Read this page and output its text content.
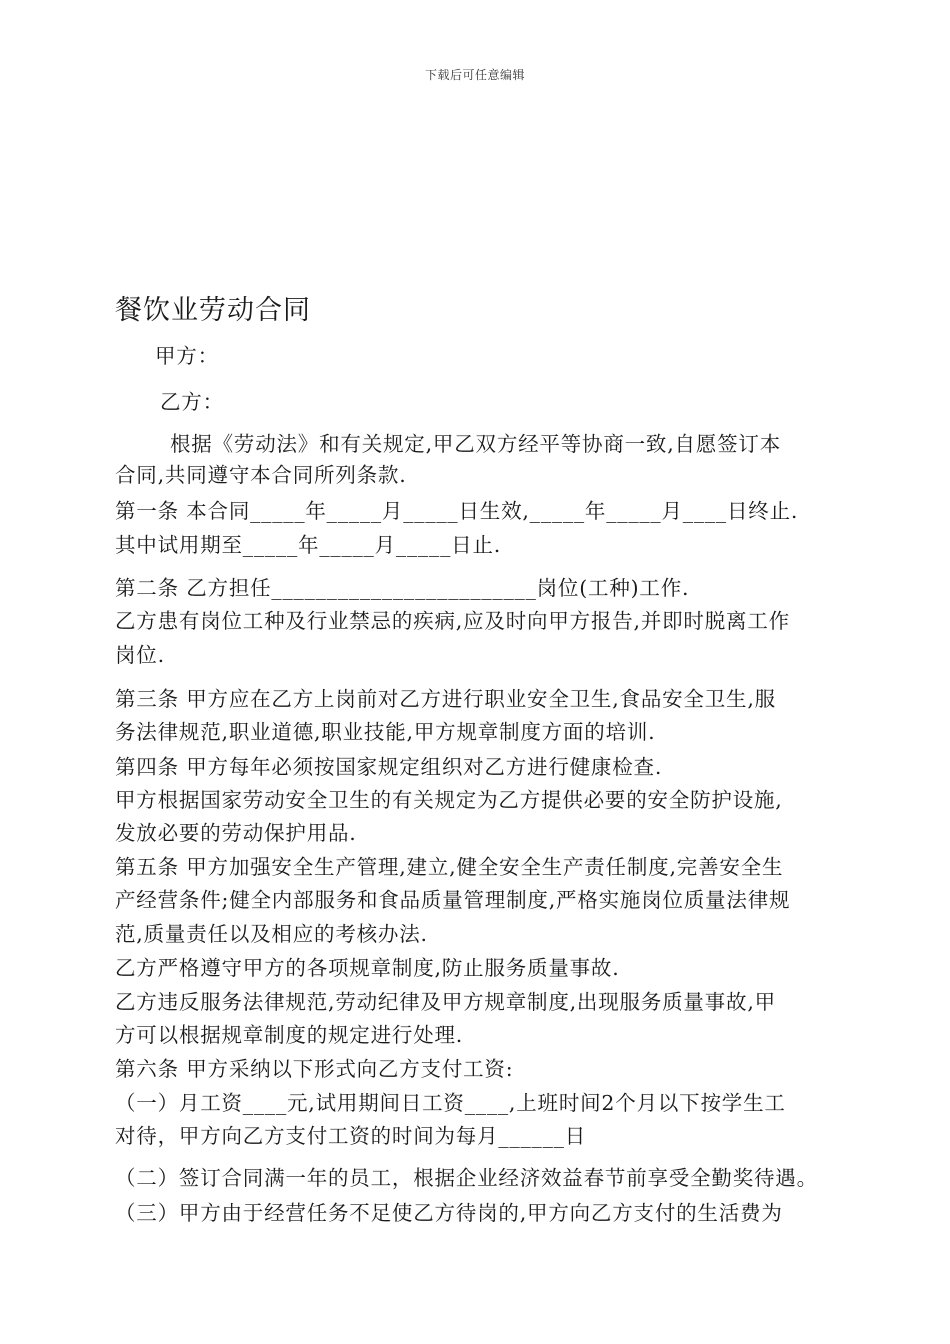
下载后可任意编辑
餐饮业劳动合同
甲方：
乙方：
根据《劳动法》和有关规定,甲乙双方经平等协商一致,自愿签订本
合同,共同遵守本合同所列条款.
第一条 本合同_____年_____月_____日生效,_____年_____月____日终止.
其中试用期至_____年_____月_____日止.
第二条 乙方担任________________________岗位(工种)工作.
乙方患有岗位工种及行业禁忌的疾病,应及时向甲方报告,并即时脱离工作
岗位.
第三条 甲方应在乙方上岗前对乙方进行职业安全卫生,食品安全卫生,服
务法律规范,职业道德,职业技能,甲方规章制度方面的培训.
第四条 甲方每年必须按国家规定组织对乙方进行健康检查.
甲方根据国家劳动安全卫生的有关规定为乙方提供必要的安全防护设施,
发放必要的劳动保护用品.
第五条 甲方加强安全生产管理,建立,健全安全生产责任制度,完善安全生
产经营条件;健全内部服务和食品质量管理制度,严格实施岗位质量法律规
范,质量责任以及相应的考核办法.
乙方严格遵守甲方的各项规章制度,防止服务质量事故.
乙方违反服务法律规范,劳动纪律及甲方规章制度,出现服务质量事故,甲
方可以根据规章制度的规定进行处理.
第六条 甲方采纳以下形式向乙方支付工资:
（一）月工资____元,试用期间日工资____,上班时间2个月以下按学生工
对待，甲方向乙方支付工资的时间为每月______日
（二）签订合同满一年的员工，根据企业经济效益春节前享受全勤奖待遇。
（三）甲方由于经营任务不足使乙方待岗的,甲方向乙方支付的生活费为
